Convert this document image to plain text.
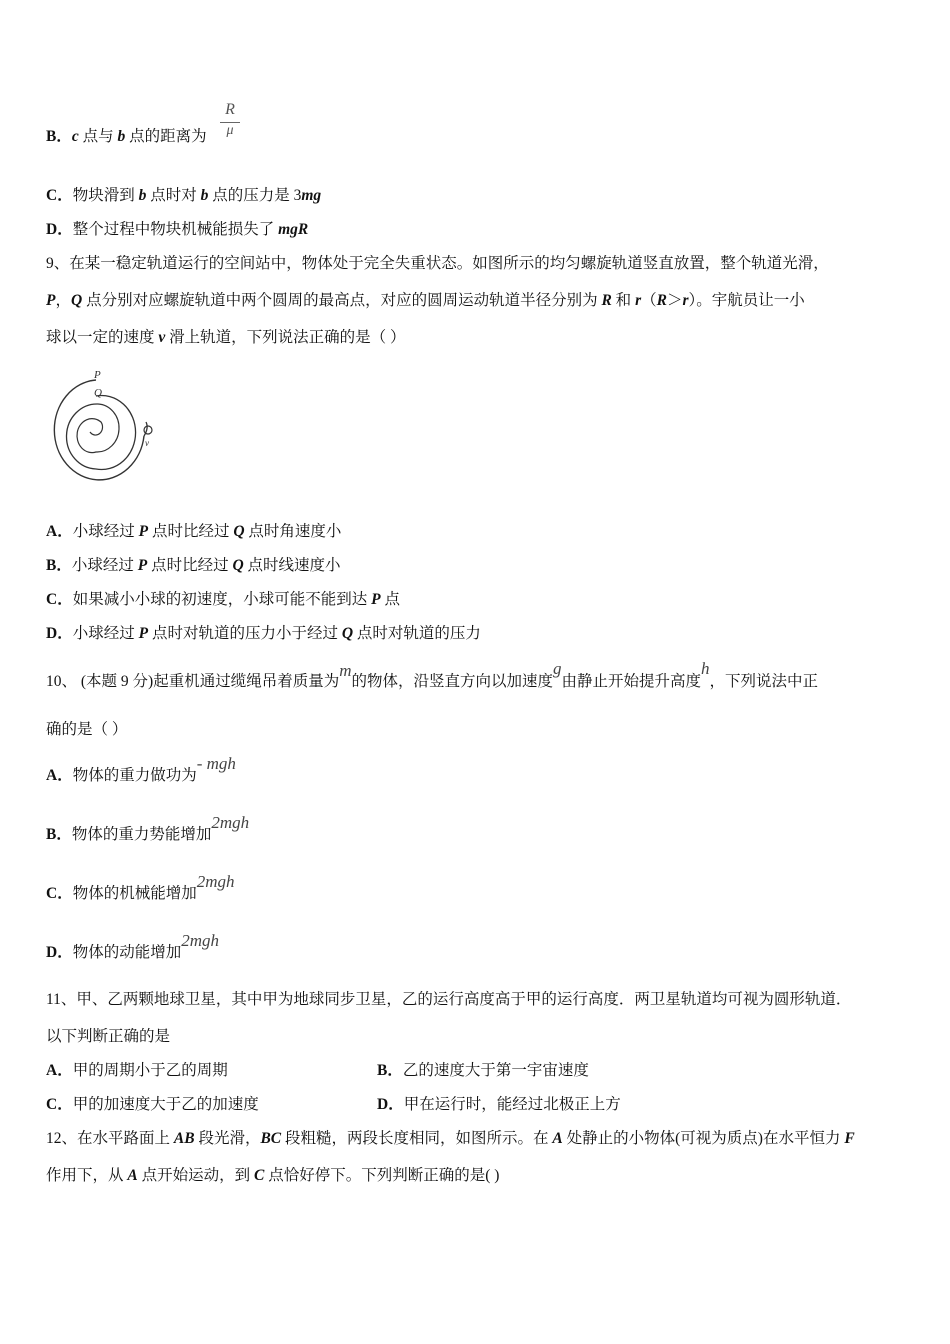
B．c 点与 b 点的距离为
R
μ
C．物块滑到 b 点时对 b 点的压力是 3mg
D．整个过程中物块机械能损失了 mgR
9、在某一稳定轨道运行的空间站中，物体处于完全失重状态。如图所示的均匀螺旋轨道竖直放置，整个轨道光滑，
P，Q 点分别对应螺旋轨道中两个圆周的最高点，对应的圆周运动轨道半径分别为 R 和 r（R＞r）。宇航员让一小
球以一定的速度 v 滑上轨道，下列说法正确的是（ ）
P
Q
v
A．小球经过 P 点时比经过 Q 点时角速度小
B．小球经过 P 点时比经过 Q 点时线速度小
C．如果减小小球的初速度，小球可能不能到达 P 点
D．小球经过 P 点时对轨道的压力小于经过 Q 点时对轨道的压力
10、 (本题 9 分)起重机通过缆绳吊着质量为m的物体，沿竖直方向以加速度g由静止开始提升高度h，下列说法中正
确的是（ ）
A．物体的重力做功为- mgh
B．物体的重力势能增加2mgh
C．物体的机械能增加2mgh
D．物体的动能增加2mgh
11、甲、乙两颗地球卫星，其中甲为地球同步卫星，乙的运行高度高于甲的运行高度．两卫星轨道均可视为圆形轨道．
以下判断正确的是
A．甲的周期小于乙的周期	B．乙的速度大于第一宇宙速度
C．甲的加速度大于乙的加速度	D．甲在运行时，能经过北极正上方
12、在水平路面上 AB 段光滑，BC 段粗糙，两段长度相同，如图所示。在 A 处静止的小物体(可视为质点)在水平恒力 F
作用下，从 A 点开始运动，到 C 点恰好停下。下列判断正确的是( )
